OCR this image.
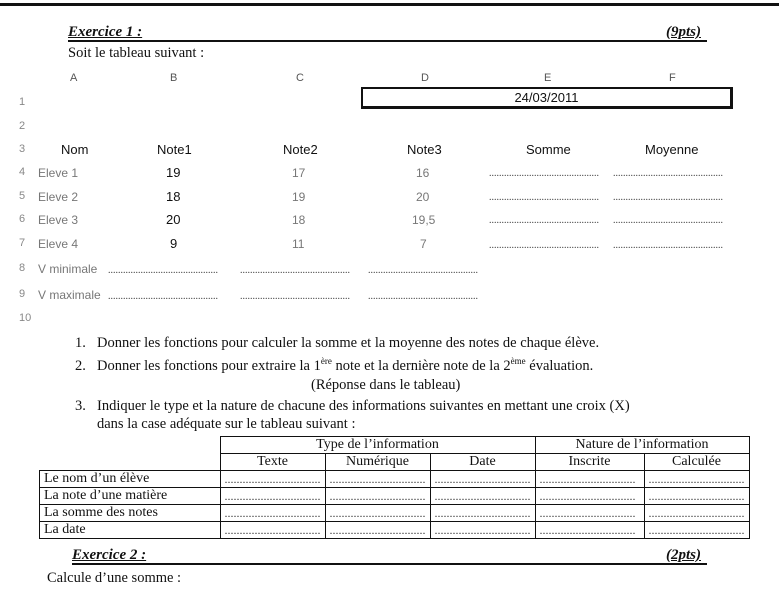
Exercice 1 :	(9pts)
Soit le tableau suivant :
A	B	C	D	E	F
1
2
3
4
5
6
7
8
9
10
24/03/2011
Nom	Note1	Note2	Note3	Somme	Moyenne
Eleve 1	19	17	16	............................................	............................................
Eleve 2	18	19	20	............................................	............................................
Eleve 3	20	18	19,5	............................................	............................................
Eleve 4	9	11	7	............................................	............................................
V minimale ............................................	............................................	............................................
V maximale ............................................	............................................	............................................
1. Donner les fonctions pour calculer la somme et la moyenne des notes de chaque élève.
2. Donner les fonctions pour extraire la 1ère note et la dernière note de la 2ème évaluation.
(Réponse dans le tableau)
3. Indiquer le type et la nature de chacune des informations suivantes en mettant une croix (X)
dans la case adéquate sur le tableau suivant :
	Type de l’information			Nature de l’information	
	Texte	Numérique	Date	Inscrite	Calculée
Le nom d’un élève	................................	................................	................................	................................	................................
La note d’une matière	................................	................................	................................	................................	................................
La somme des notes	................................	................................	................................	................................	................................
La date	................................	................................	................................	................................	................................
Exercice 2 :	(2pts)
Calcule d’une somme :
